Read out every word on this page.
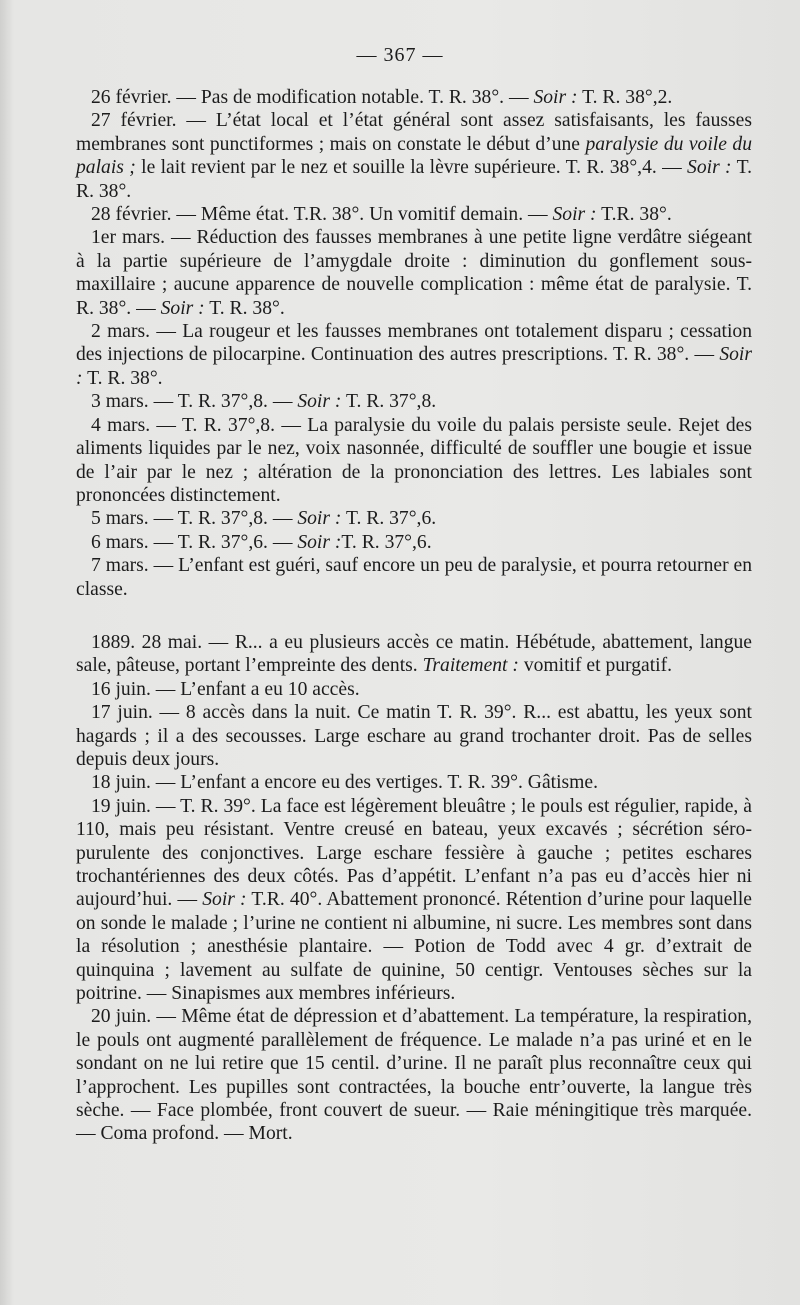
— 367 —

26 février. — Pas de modification notable. T. R. 38°. — Soir : T. R. 38°,2.

27 février. — L’état local et l’état général sont assez satisfaisants, les fausses membranes sont punctiformes ; mais on constate le début d’une paralysie du voile du palais ; le lait revient par le nez et souille la lèvre supérieure. T. R. 38°,4. — Soir : T. R. 38°.

28 février. — Même état. T.R. 38°. Un vomitif demain. — Soir : T.R. 38°.

1er mars. — Réduction des fausses membranes à une petite ligne verdâtre siégeant à la partie supérieure de l’amygdale droite : diminution du gonflement sous-maxillaire ; aucune apparence de nouvelle complication : même état de paralysie. T. R. 38°. — Soir : T. R. 38°.

2 mars. — La rougeur et les fausses membranes ont totalement disparu ; cessation des injections de pilocarpine. Continuation des autres prescriptions. T. R. 38°. — Soir : T. R. 38°.

3 mars. — T. R. 37°,8. — Soir : T. R. 37°,8.

4 mars. — T. R. 37°,8. — La paralysie du voile du palais persiste seule. Rejet des aliments liquides par le nez, voix nasonnée, difficulté de souffler une bougie et issue de l’air par le nez ; altération de la prononciation des lettres. Les labiales sont prononcées distinctement.

5 mars. — T. R. 37°,8. — Soir : T. R. 37°,6.

6 mars. — T. R. 37°,6. — Soir :T. R. 37°,6.

7 mars. — L’enfant est guéri, sauf encore un peu de paralysie, et pourra retourner en classe.

1889. 28 mai. — R... a eu plusieurs accès ce matin. Hébétude, abattement, langue sale, pâteuse, portant l’empreinte des dents. Traitement : vomitif et purgatif.

16 juin. — L’enfant a eu 10 accès.

17 juin. — 8 accès dans la nuit. Ce matin T. R. 39°. R... est abattu, les yeux sont hagards ; il a des secousses. Large eschare au grand trochanter droit. Pas de selles depuis deux jours.

18 juin. — L’enfant a encore eu des vertiges. T. R. 39°. Gâtisme.

19 juin. — T. R. 39°. La face est légèrement bleuâtre ; le pouls est régulier, rapide, à 110, mais peu résistant. Ventre creusé en bateau, yeux excavés ; sécrétion séro-purulente des conjonctives. Large eschare fessière à gauche ; petites eschares trochantériennes des deux côtés. Pas d’appétit. L’enfant n’a pas eu d’accès hier ni aujourd’hui. — Soir : T.R. 40°. Abattement prononcé. Rétention d’urine pour laquelle on sonde le malade ; l’urine ne contient ni albumine, ni sucre. Les membres sont dans la résolution ; anesthésie plantaire. — Potion de Todd avec 4 gr. d’extrait de quinquina ; lavement au sulfate de quinine, 50 centigr. Ventouses sèches sur la poitrine. — Sinapismes aux membres inférieurs.

20 juin. — Même état de dépression et d’abattement. La température, la respiration, le pouls ont augmenté parallèlement de fréquence. Le malade n’a pas uriné et en le sondant on ne lui retire que 15 centil. d’urine. Il ne paraît plus reconnaître ceux qui l’approchent. Les pupilles sont contractées, la bouche entr’ouverte, la langue très sèche. — Face plombée, front couvert de sueur. — Raie méningitique très marquée. — Coma profond. — Mort.
